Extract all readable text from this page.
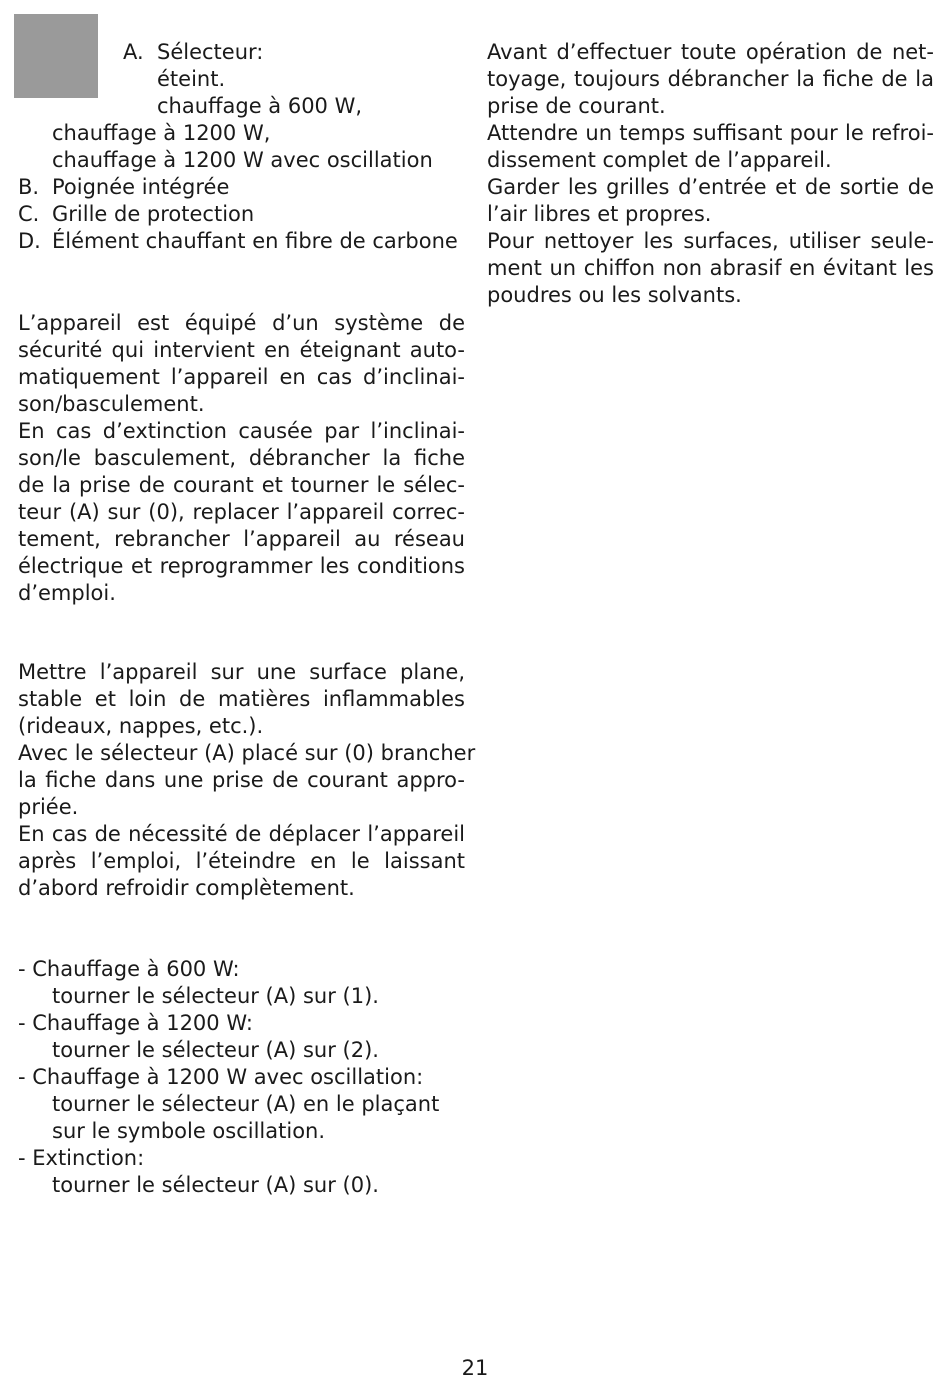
A. Sélecteur:
éteint.
chauffage à 600 W,
chauffage à 1200 W,
chauffage à 1200 W avec oscillation
B. Poignée intégrée
C. Grille de protection
D. Élément chauffant en fibre de carbone
L’appareil est équipé d’un système de
sécurité qui intervient en éteignant auto-
matiquement l’appareil en cas d’inclinai-
son/basculement.
En cas d’extinction causée par l’inclinai-
son/le basculement, débrancher la fiche
de la prise de courant et tourner le sélec-
teur (A) sur (0), replacer l’appareil correc-
tement, rebrancher l’appareil au réseau
électrique et reprogrammer les conditions
d’emploi.
Mettre l’appareil sur une surface plane,
stable et loin de matières inflammables
(rideaux, nappes, etc.).
Avec le sélecteur (A) placé sur (0) brancher
la fiche dans une prise de courant appro-
priée.
En cas de nécessité de déplacer l’appareil
après l’emploi, l’éteindre en le laissant
d’abord refroidir complètement.
- Chauffage à 600 W:
tourner le sélecteur (A) sur (1).
- Chauffage à 1200 W:
tourner le sélecteur (A) sur (2).
- Chauffage à 1200 W avec oscillation:
tourner le sélecteur (A) en le plaçant
sur le symbole oscillation.
- Extinction:
tourner le sélecteur (A) sur (0).
Avant d’effectuer toute opération de net-
toyage, toujours débrancher la fiche de la
prise de courant.
Attendre un temps suffisant pour le refroi-
dissement complet de l’appareil.
Garder les grilles d’entrée et de sortie de
l’air libres et propres.
Pour nettoyer les surfaces, utiliser seule-
ment un chiffon non abrasif en évitant les
poudres ou les solvants.
21
